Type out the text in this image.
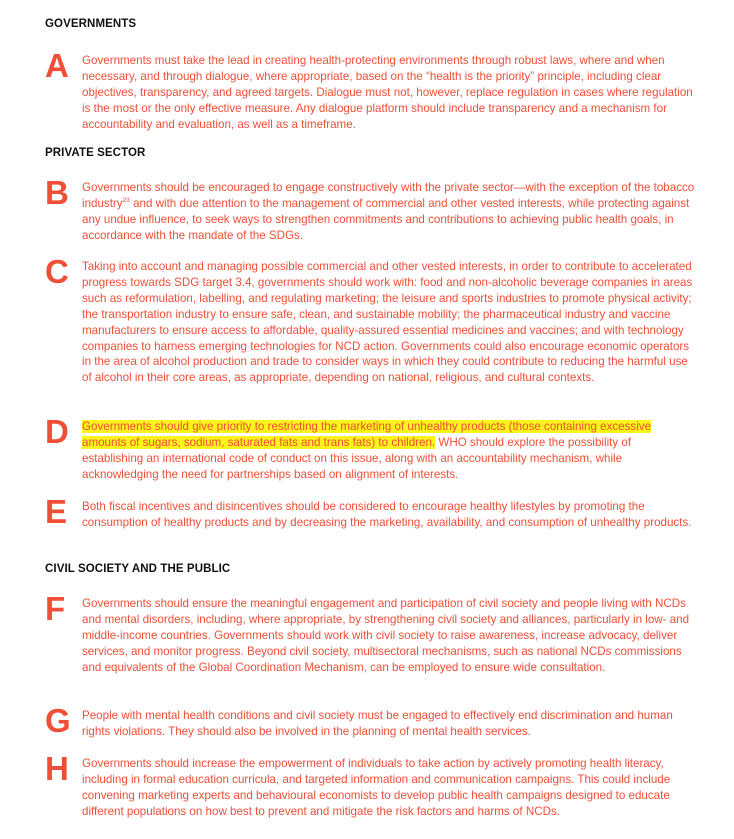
GOVERNMENTS
A Governments must take the lead in creating health-protecting environments through robust laws, where and when necessary, and through dialogue, where appropriate, based on the “health is the priority” principle, including clear objectives, transparency, and agreed targets. Dialogue must not, however, replace regulation in cases where regulation is the most or the only effective measure. Any dialogue platform should include transparency and a mechanism for accountability and evaluation, as well as a timeframe.

PRIVATE SECTOR
B Governments should be encouraged to engage constructively with the private sector—with the exception of the tobacco industry$^{23}$ and with due attention to the management of commercial and other vested interests, while protecting against any undue influence, to seek ways to strengthen commitments and contributions to achieving public health goals, in accordance with the mandate of the SDGs.

C Taking into account and managing possible commercial and other vested interests, in order to contribute to accelerated progress towards SDG target 3.4, governments should work with: food and non-alcoholic beverage companies in areas such as reformulation, labelling, and regulating marketing; the leisure and sports industries to promote physical activity; the transportation industry to ensure safe, clean, and sustainable mobility; the pharmaceutical industry and vaccine manufacturers to ensure access to affordable, quality-assured essential medicines and vaccines; and with technology companies to harness emerging technologies for NCD action. Governments could also encourage economic operators in the area of alcohol production and trade to consider ways in which they could contribute to reducing the harmful use of alcohol in their core areas, as appropriate, depending on national, religious, and cultural contexts.

D Governments should give priority to restricting the marketing of unhealthy products (those containing excessive amounts of sugars, sodium, saturated fats and trans fats) to children. WHO should explore the possibility of establishing an international code of conduct on this issue, along with an accountability mechanism, while acknowledging the need for partnerships based on alignment of interests.

E Both fiscal incentives and disincentives should be considered to encourage healthy lifestyles by promoting the consumption of healthy products and by decreasing the marketing, availability, and consumption of unhealthy products.

CIVIL SOCIETY AND THE PUBLIC
F Governments should ensure the meaningful engagement and participation of civil society and people living with NCDs and mental disorders, including, where appropriate, by strengthening civil society and alliances, particularly in low- and middle-income countries. Governments should work with civil society to raise awareness, increase advocacy, deliver services, and monitor progress. Beyond civil society, multisectoral mechanisms, such as national NCDs commissions and equivalents of the Global Coordination Mechanism, can be employed to ensure wide consultation.

G People with mental health conditions and civil society must be engaged to effectively end discrimination and human rights violations. They should also be involved in the planning of mental health services.

H Governments should increase the empowerment of individuals to take action by actively promoting health literacy, including in formal education curricula, and targeted information and communication campaigns. This could include convening marketing experts and behavioural economists to develop public health campaigns designed to educate different populations on how best to prevent and mitigate the risk factors and harms of NCDs.
